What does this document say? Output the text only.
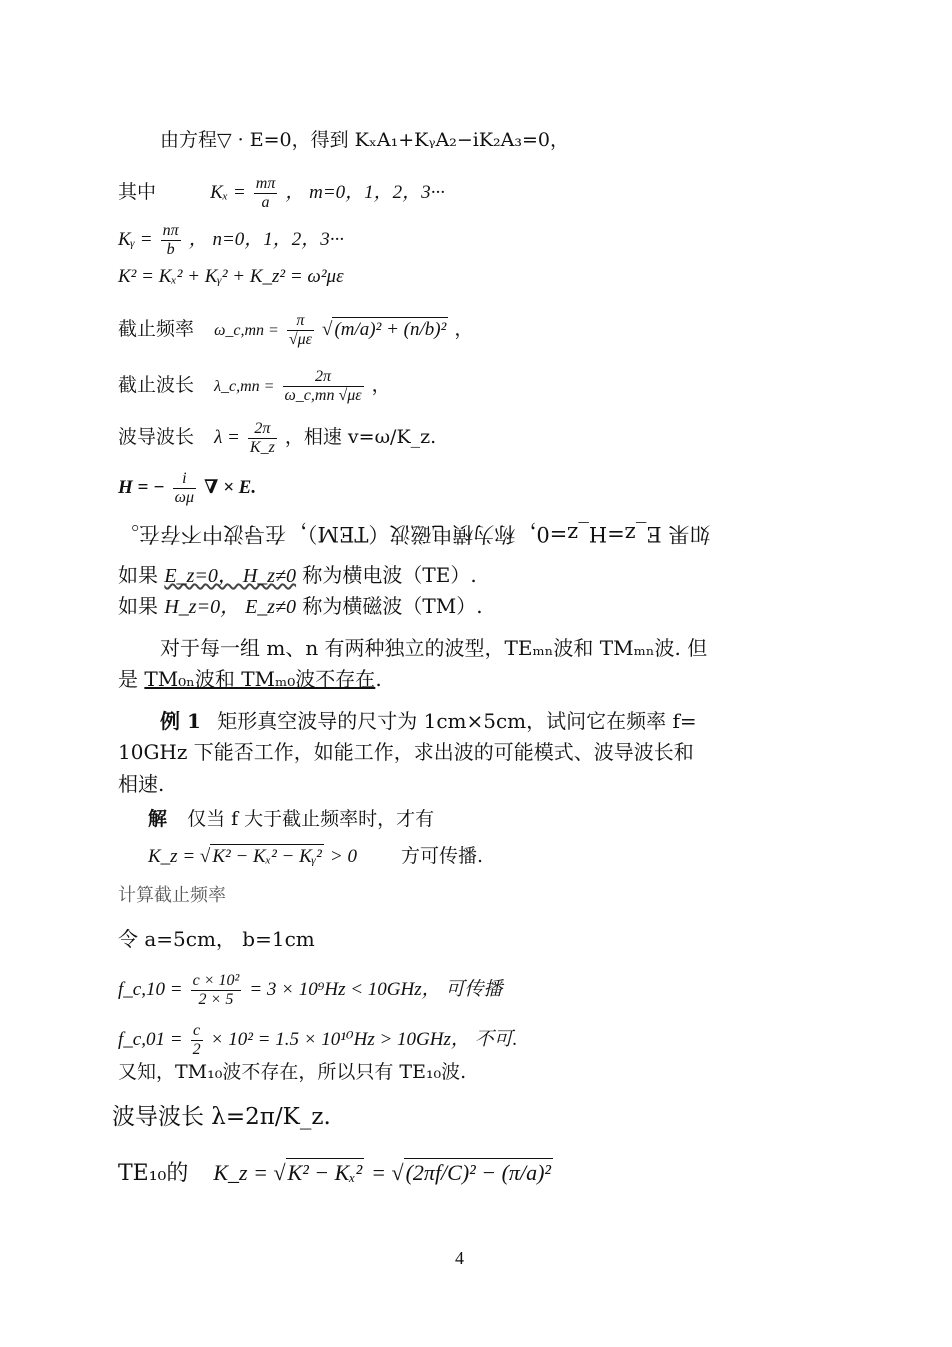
由方程▽ · E=0，得到 KₓA₁+KᵧA₂−iK₂A₃=0，
其中	$K_x = \frac{m\pi}{a}$ ， m=0，1，2，3···
Kᵧ = $\frac{n\pi}{b}$ ， n=0，1，2，3···
K² = Kₓ² + Kᵧ² + K_z² = ω²με
截止频率 ω_c,mn = $\frac{\pi}{√\mu\varepsilon}$ √ (m/a)² + (n/b)² ，
截止波长 λ_c,mn = $\frac{2\pi}{\omega\_c,mn √\mu\varepsilon}$ ，
波导波长 $\lambda = \frac{2\pi}{K\_z}$ ，相速 v=ω/K_z.
H = − $\frac{i}{\omega\mu}$ ∇ × E.
如果 E_z=H_z=0，称为横电磁波（TEM），在导波中不存在。
如果 E_z=0， H_z≠0 称为横电波（TE）.
如果 H_z=0， E_z≠0 称为横磁波（TM）.
对于每一组 m、n 有两种独立的波型，TEₘₙ波和 TMₘₙ波. 但
是 TM₀ₙ波和 TMₘ₀波不存在.
例 1 矩形真空波导的尺寸为 1cm×5cm，试问它在频率 f=
10GHz 下能否工作，如能工作，求出波的可能模式、波导波长和
相速.
解 仅当 f 大于截止频率时，才有
K_z = √ K² − Kₓ² − Kᵧ² > 0 方可传播.
计算截止频率
令 a=5cm， b=1cm
f_c,10 = $\frac{\text{c × 10²}}{2 \times 5} = 3 \times 10^9Hz < 10GHz$， 可传播
f_c,01 = $\frac{c}{2} \times 10^2 = 1.5 \times 10^{10}Hz > 10GHz$， 不可.
又知，TM₁₀波不存在，所以只有 TE₁₀波.
波导波长 λ=2π/K_z.
TE₁₀的 K_z = √K² − Kₓ² = √(2πf/C)² − (π/a)²
4
